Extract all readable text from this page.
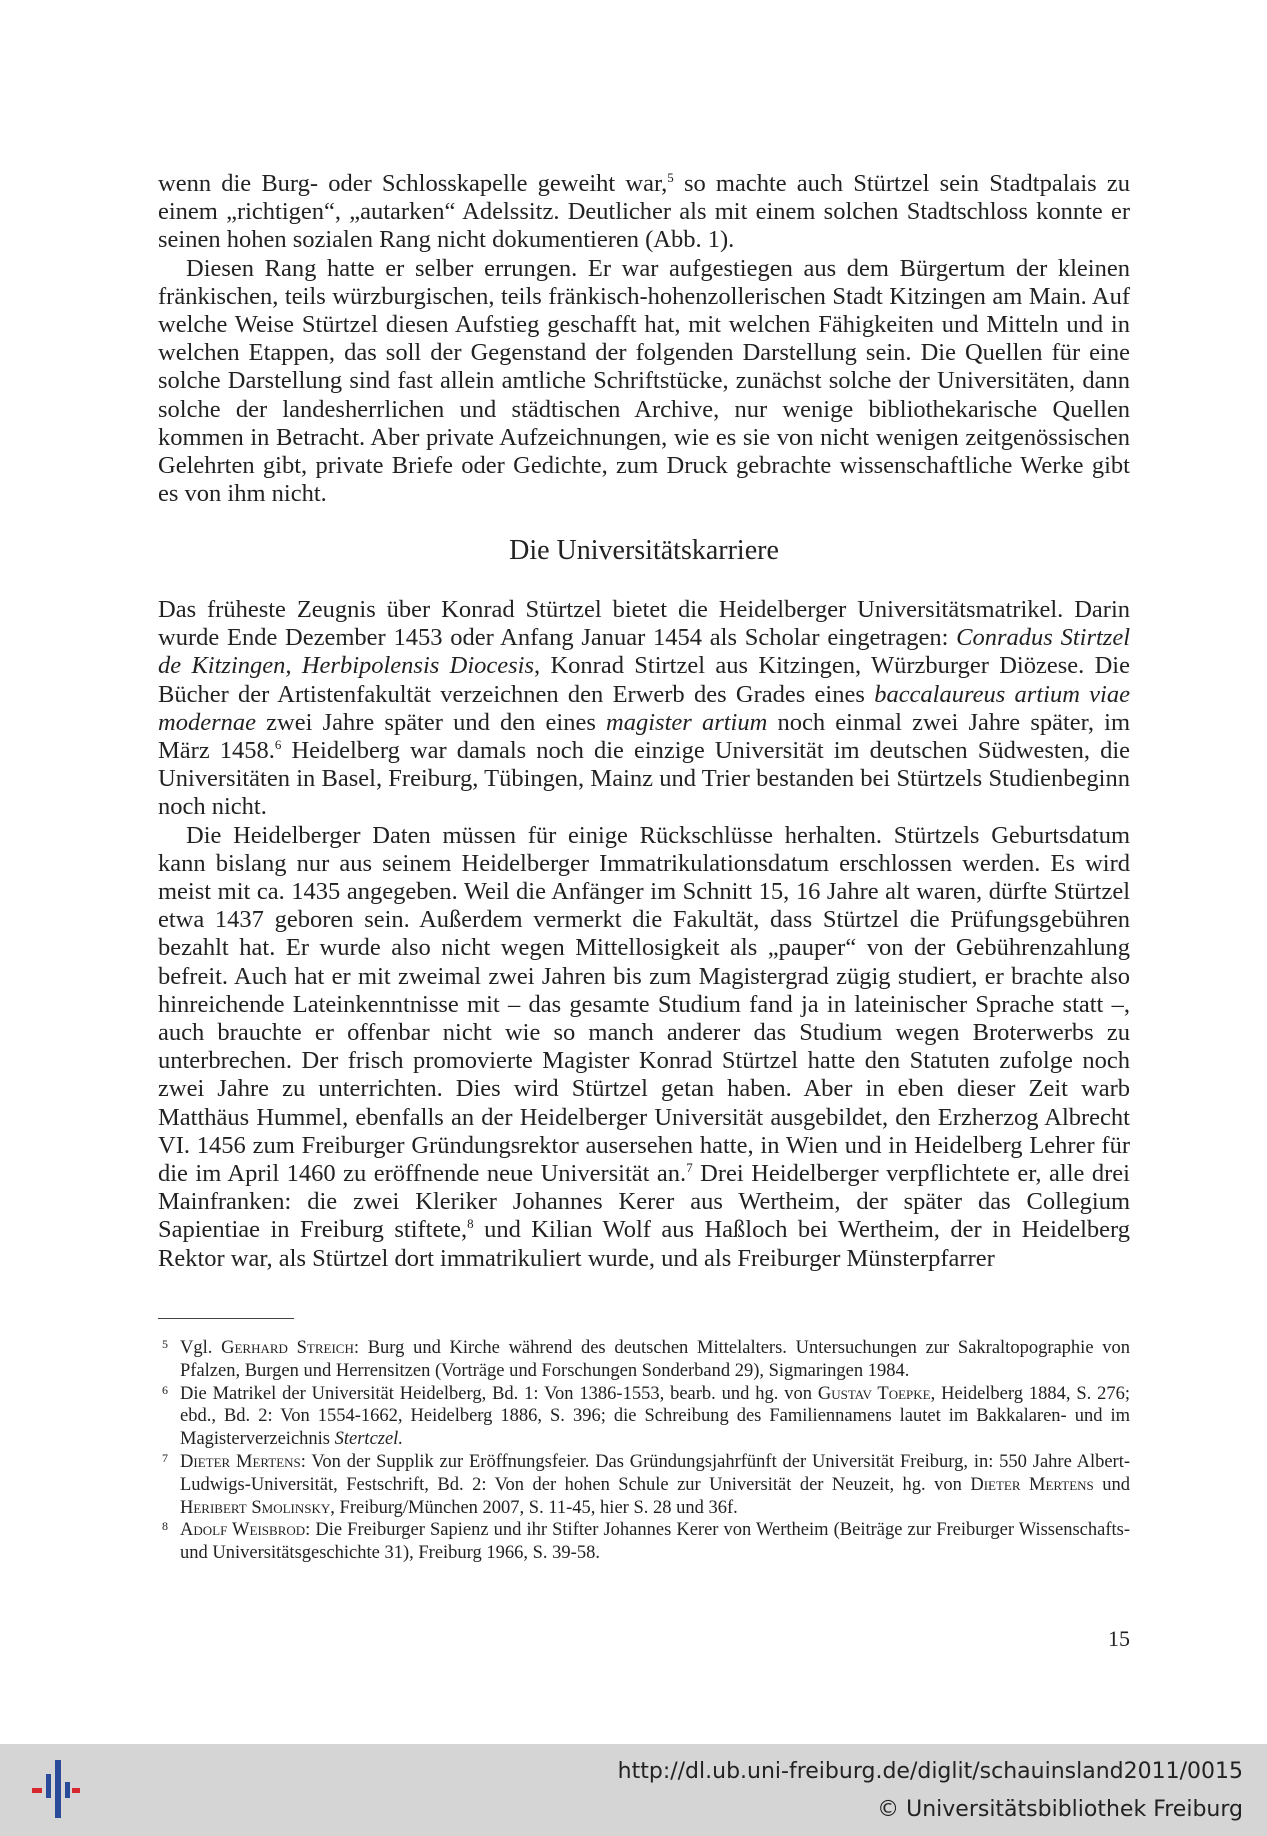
wenn die Burg- oder Schlosskapelle geweiht war,$^5$ so machte auch Stürtzel sein Stadtpalais zu einem „richtigen“, „autarken“ Adelssitz. Deutlicher als mit einem solchen Stadtschloss konnte er seinen hohen sozialen Rang nicht dokumentieren (Abb. 1).

Diesen Rang hatte er selber errungen. Er war aufgestiegen aus dem Bürgertum der kleinen fränkischen, teils würzburgischen, teils fränkisch-hohenzollerischen Stadt Kitzingen am Main. Auf welche Weise Stürtzel diesen Aufstieg geschafft hat, mit welchen Fähigkeiten und Mitteln und in welchen Etappen, das soll der Gegenstand der folgenden Darstellung sein. Die Quellen für eine solche Darstellung sind fast allein amtliche Schriftstücke, zunächst solche der Universitäten, dann solche der landesherrlichen und städtischen Archive, nur wenige bibliothekarische Quellen kommen in Betracht. Aber private Aufzeichnungen, wie es sie von nicht wenigen zeitgenössischen Gelehrten gibt, private Briefe oder Gedichte, zum Druck gebrachte wissenschaftliche Werke gibt es von ihm nicht.

Die Universitätskarriere

Das früheste Zeugnis über Konrad Stürtzel bietet die Heidelberger Universitätsmatrikel. Darin wurde Ende Dezember 1453 oder Anfang Januar 1454 als Scholar eingetragen: Conradus Stirtzel de Kitzingen, Herbipolensis Diocesis, Konrad Stirtzel aus Kitzingen, Würzburger Diözese. Die Bücher der Artistenfakultät verzeichnen den Erwerb des Grades eines baccalaureus artium viae modernae zwei Jahre später und den eines magister artium noch einmal zwei Jahre später, im März 1458.$^6$ Heidelberg war damals noch die einzige Universität im deutschen Südwesten, die Universitäten in Basel, Freiburg, Tübingen, Mainz und Trier bestanden bei Stürtzels Studienbeginn noch nicht.

Die Heidelberger Daten müssen für einige Rückschlüsse herhalten. Stürtzels Geburtsdatum kann bislang nur aus seinem Heidelberger Immatrikulationsdatum erschlossen werden. Es wird meist mit ca. 1435 angegeben. Weil die Anfänger im Schnitt 15, 16 Jahre alt waren, dürfte Stürtzel etwa 1437 geboren sein. Außerdem vermerkt die Fakultät, dass Stürtzel die Prüfungsgebühren bezahlt hat. Er wurde also nicht wegen Mittellosigkeit als „pauper“ von der Gebührenzahlung befreit. Auch hat er mit zweimal zwei Jahren bis zum Magistergrad zügig studiert, er brachte also hinreichende Lateinkenntnisse mit – das gesamte Studium fand ja in lateinischer Sprache statt –, auch brauchte er offenbar nicht wie so manch anderer das Studium wegen Broterwerbs zu unterbrechen. Der frisch promovierte Magister Konrad Stürtzel hatte den Statuten zufolge noch zwei Jahre zu unterrichten. Dies wird Stürtzel getan haben. Aber in eben dieser Zeit warb Matthäus Hummel, ebenfalls an der Heidelberger Universität ausgebildet, den Erzherzog Albrecht VI. 1456 zum Freiburger Gründungsrektor ausersehen hatte, in Wien und in Heidelberg Lehrer für die im April 1460 zu eröffnende neue Universität an.$^7$ Drei Heidelberger verpflichtete er, alle drei Mainfranken: die zwei Kleriker Johannes Kerer aus Wertheim, der später das Collegium Sapientiae in Freiburg stiftete,$^8$ und Kilian Wolf aus Haßloch bei Wertheim, der in Heidelberg Rektor war, als Stürtzel dort immatrikuliert wurde, und als Freiburger Münsterpfarrer

5 Vgl. Gerhard Streich: Burg und Kirche während des deutschen Mittelalters. Untersuchungen zur Sakraltopographie von Pfalzen, Burgen und Herrensitzen (Vorträge und Forschungen Sonderband 29), Sigmaringen 1984.

6 Die Matrikel der Universität Heidelberg, Bd. 1: Von 1386-1553, bearb. und hg. von Gustav Toepke, Heidelberg 1884, S. 276; ebd., Bd. 2: Von 1554-1662, Heidelberg 1886, S. 396; die Schreibung des Familiennamens lautet im Bakkalaren- und im Magisterverzeichnis Stertczel.

7 Dieter Mertens: Von der Supplik zur Eröffnungsfeier. Das Gründungsjahrfünft der Universität Freiburg, in: 550 Jahre Albert-Ludwigs-Universität, Festschrift, Bd. 2: Von der hohen Schule zur Universität der Neuzeit, hg. von Dieter Mertens und Heribert Smolinsky, Freiburg/München 2007, S. 11-45, hier S. 28 und 36f.

8 Adolf Weisbrod: Die Freiburger Sapienz und ihr Stifter Johannes Kerer von Wertheim (Beiträge zur Freiburger Wissenschafts- und Universitätsgeschichte 31), Freiburg 1966, S. 39-58.

15
http://dl.ub.uni-freiburg.de/diglit/schauinsland2011/0015
© Universitätsbibliothek Freiburg
